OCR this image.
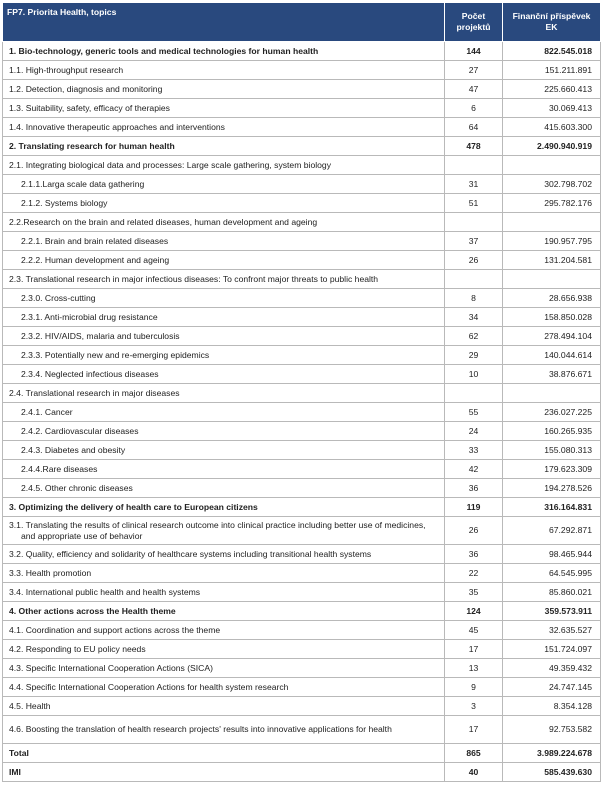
FP7. Priorita Health, topics	Počet projektů	Finanční příspěvek EK
1. Bio-technology, generic tools and medical technologies for human health	144	822.545.018
1.1. High-throughput research	27	151.211.891
1.2. Detection, diagnosis and monitoring	47	225.660.413
1.3. Suitability, safety, efficacy of therapies	6	30.069.413
1.4. Innovative therapeutic approaches and interventions	64	415.603.300
2. Translating research for human health	478	2.490.940.919
2.1. Integrating biological data and processes: Large scale gathering, system biology		
2.1.1.Larga scale data gathering	31	302.798.702
2.1.2. Systems biology	51	295.782.176
2.2.Research on the brain and related diseases, human development and ageing		
2.2.1. Brain and brain related diseases	37	190.957.795
2.2.2. Human development and ageing	26	131.204.581
2.3. Translational research in major infectious diseases: To confront major threats to public health		
2.3.0. Cross-cutting	8	28.656.938
2.3.1. Anti-microbial drug resistance	34	158.850.028
2.3.2. HIV/AIDS, malaria and tuberculosis	62	278.494.104
2.3.3. Potentially new and re-emerging epidemics	29	140.044.614
2.3.4. Neglected infectious diseases	10	38.876.671
2.4. Translational research in major diseases		
2.4.1. Cancer	55	236.027.225
2.4.2. Cardiovascular diseases	24	160.265.935
2.4.3. Diabetes and obesity	33	155.080.313
2.4.4.Rare diseases	42	179.623.309
2.4.5. Other chronic diseases	36	194.278.526
3. Optimizing the delivery of health care to European citizens	119	316.164.831

3.1. Translating the results of clinical research outcome into clinical practice including better use of medicines, and appropriate use of behavior	26	67.292.871
3.2. Quality, efficiency and solidarity of healthcare systems including transitional health systems	36	98.465.944
3.3. Health promotion	22	64.545.995
3.4. International public health and health systems	35	85.860.021
4. Other actions across the Health theme	124	359.573.911
4.1. Coordination and support actions across the theme	45	32.635.527
4.2. Responding to EU policy needs	17	151.724.097
4.3. Specific International Cooperation Actions (SICA)	13	49.359.432
4.4. Specific International Cooperation Actions for health system research	9	24.747.145
4.5. Health	3	8.354.128

4.6. Boosting the translation of health research projects' results into innovative applications for health	17	92.753.582
Total	865	3.989.224.678
IMI	40	585.439.630
